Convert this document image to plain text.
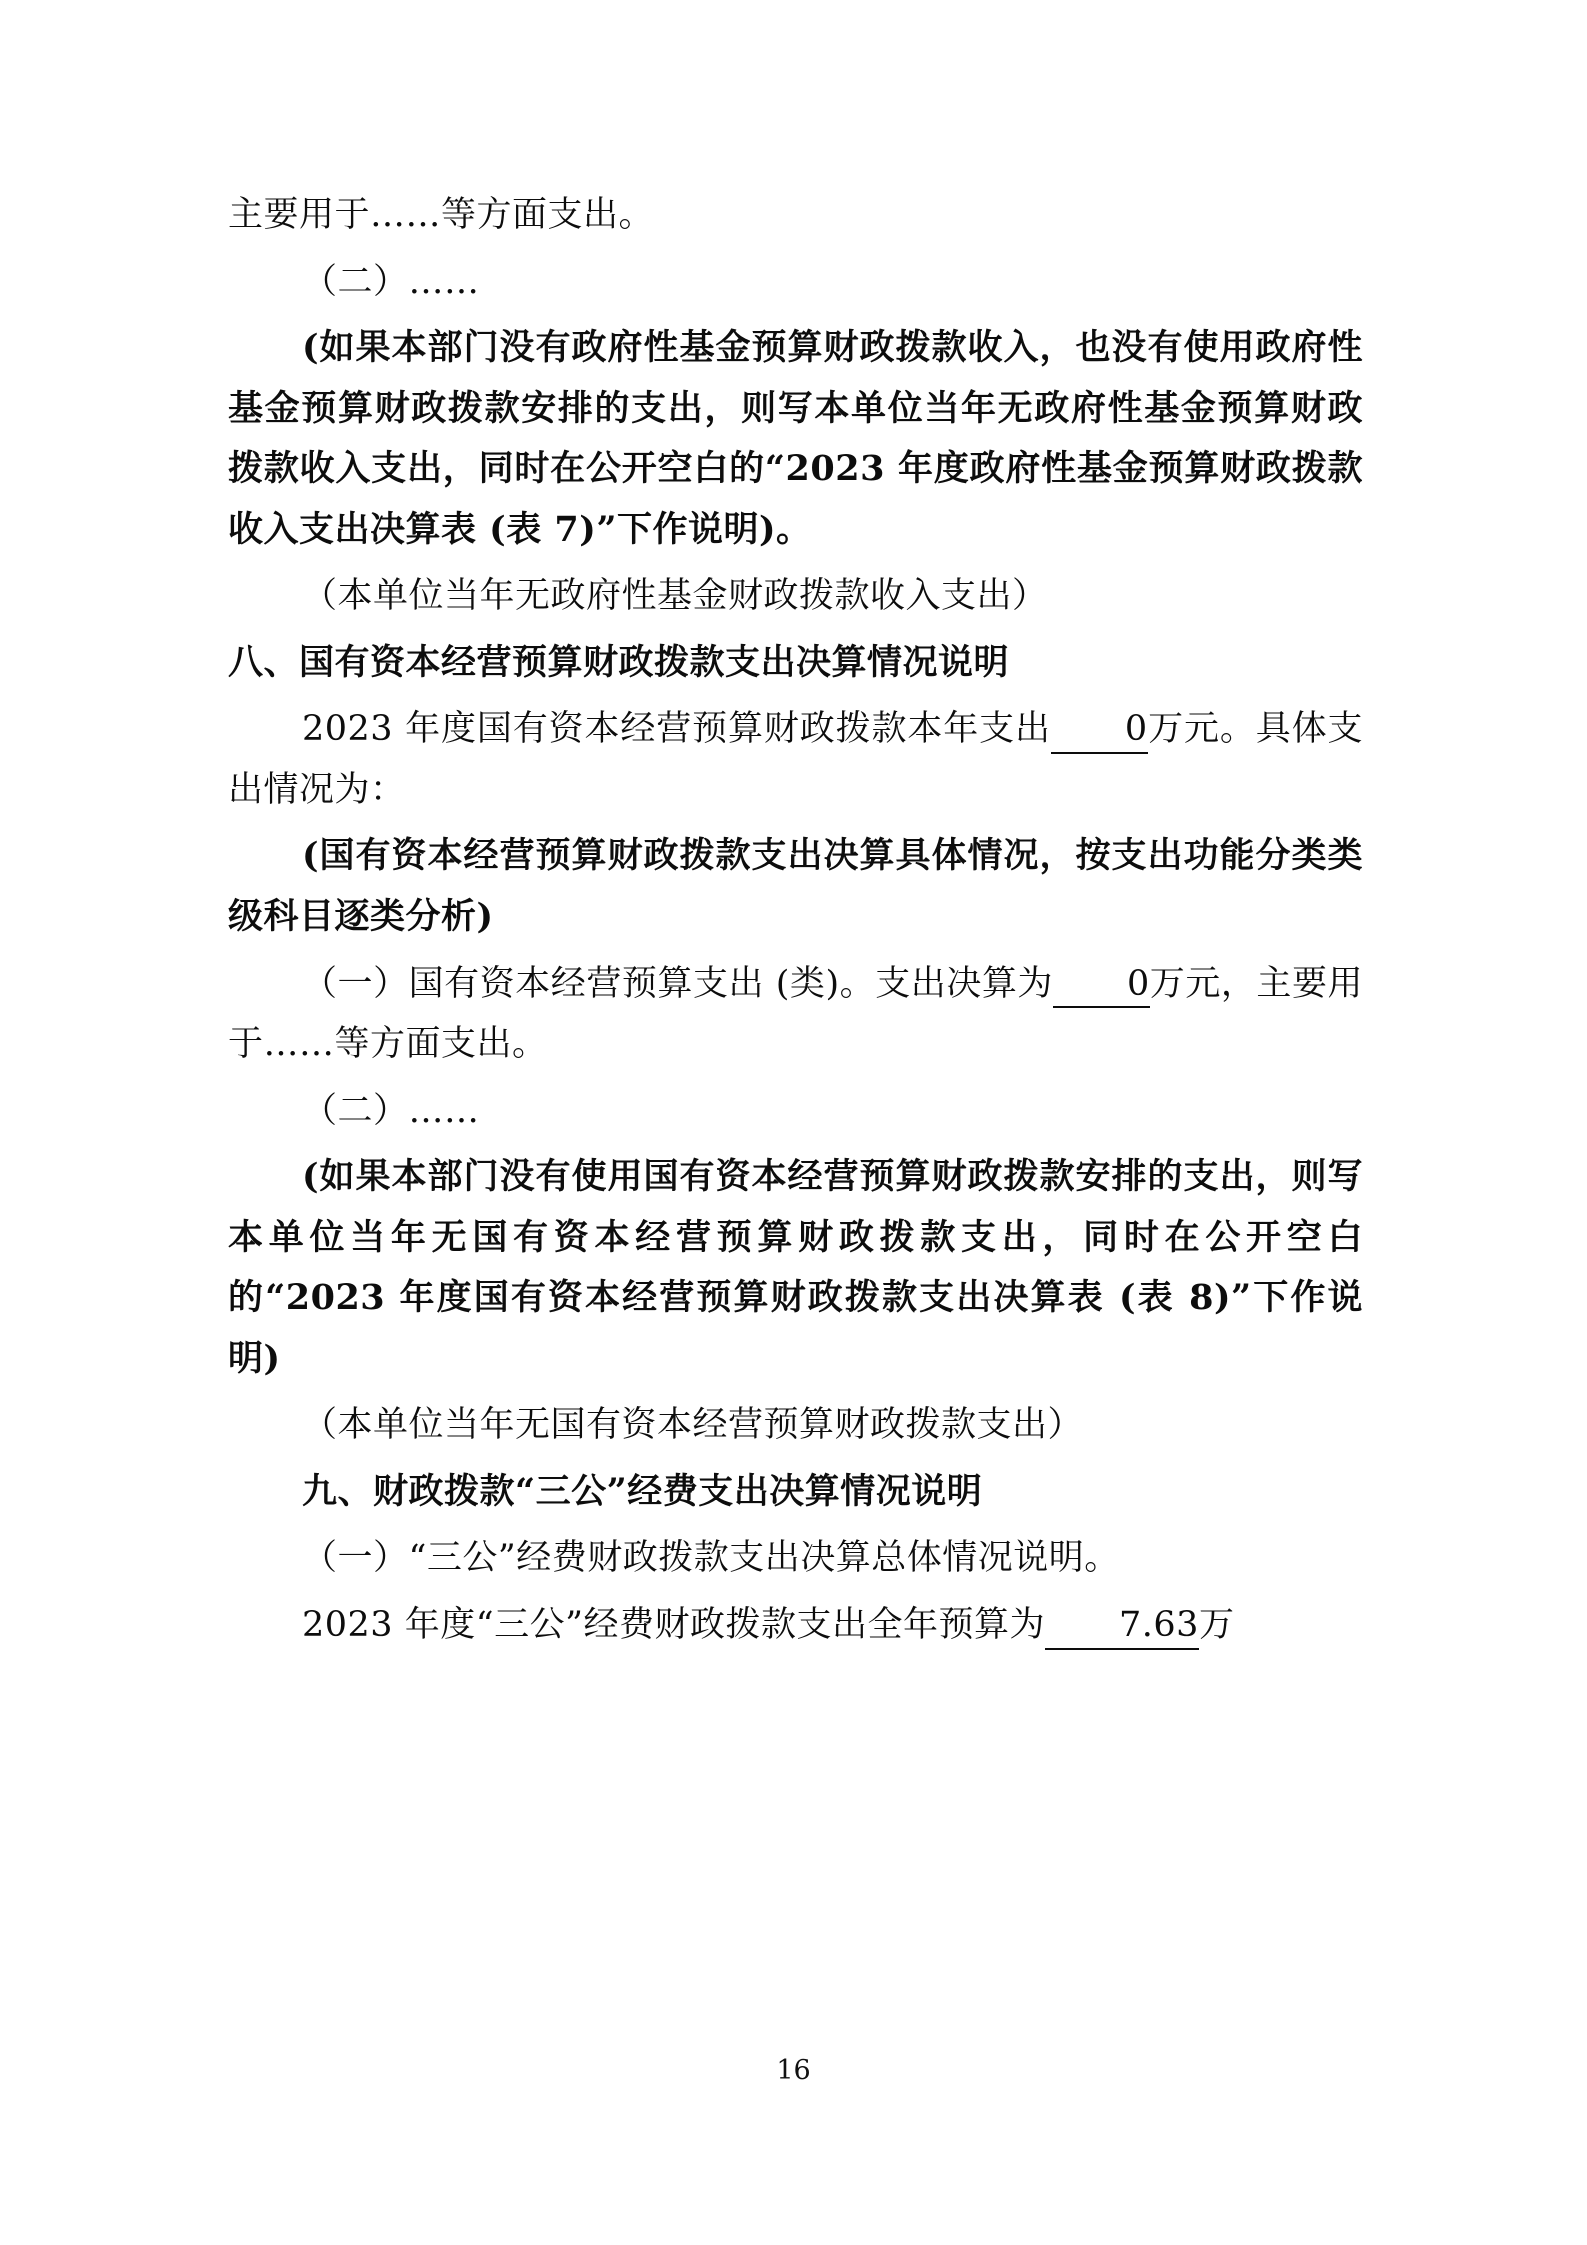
主要用于……等方面支出。

（二）……

(如果本部门没有政府性基金预算财政拨款收入，也没有使用政府性基金预算财政拨款安排的支出，则写本单位当年无政府性基金预算财政拨款收入支出，同时在公开空白的“2023 年度政府性基金预算财政拨款收入支出决算表 (表 7)”下作说明)。

（本单位当年无政府性基金财政拨款收入支出）

八、国有资本经营预算财政拨款支出决算情况说明

2023 年度国有资本经营预算财政拨款本年支出 0万元。具体支出情况为：

(国有资本经营预算财政拨款支出决算具体情况，按支出功能分类类级科目逐类分析)

（一）国有资本经营预算支出 (类)。支出决算为 0万元，主要用于……等方面支出。

（二）……

(如果本部门没有使用国有资本经营预算财政拨款安排的支出，则写本单位当年无国有资本经营预算财政拨款支出，同时在公开空白的“2023 年度国有资本经营预算财政拨款支出决算表 (表 8)”下作说明)

（本单位当年无国有资本经营预算财政拨款支出）

九、财政拨款“三公”经费支出决算情况说明

（一）“三公”经费财政拨款支出决算总体情况说明。

2023 年度“三公”经费财政拨款支出全年预算为 7.63万

16
